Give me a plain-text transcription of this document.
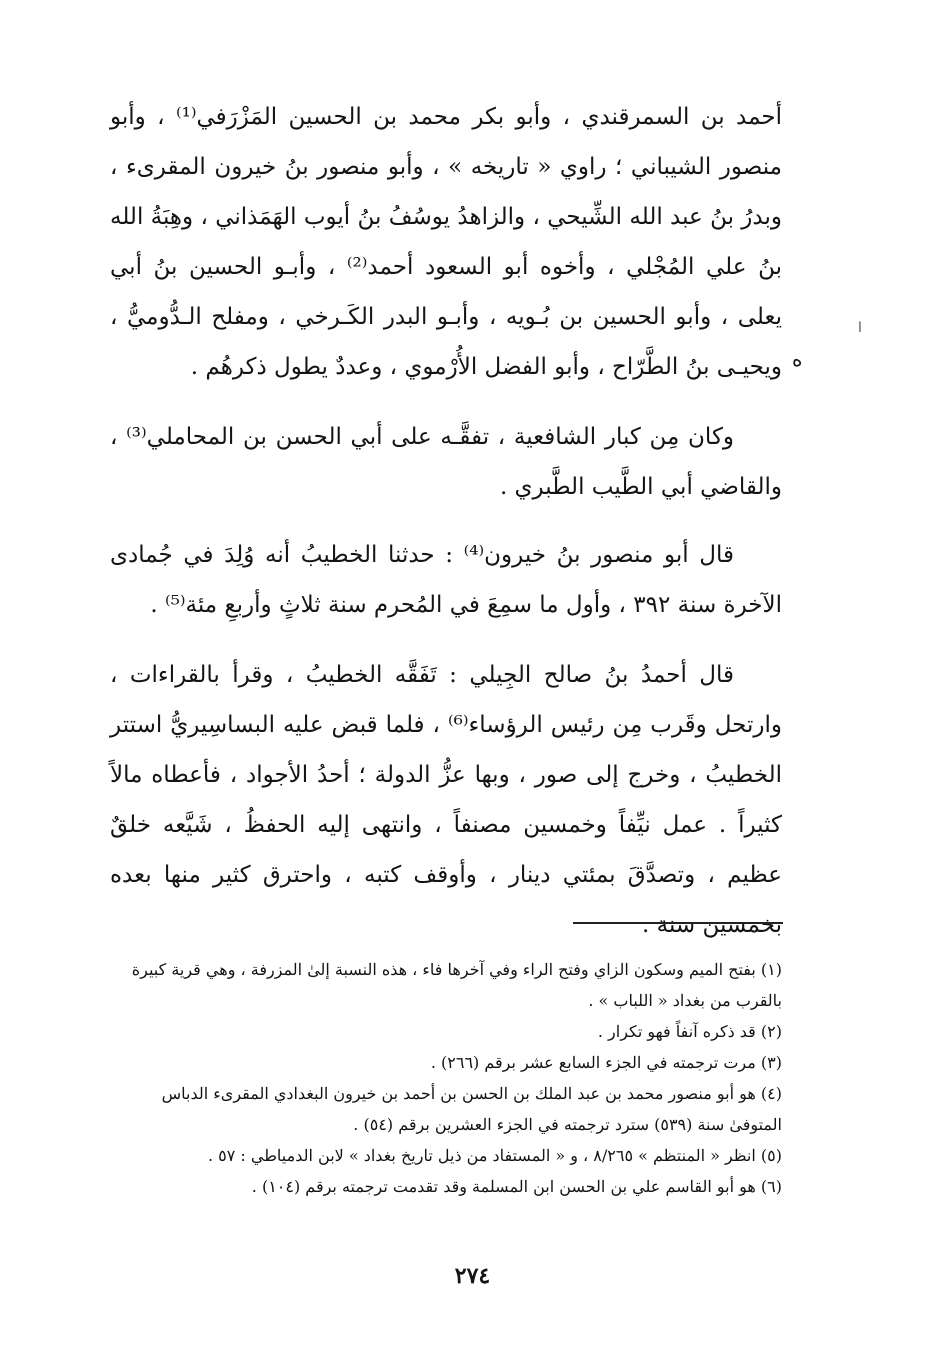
أحمد بن السمرقندي ، وأبو بكر محمد بن الحسين المَزْرَفي⁽¹⁾ ، وأبو منصور الشيباني ؛ راوي « تاريخه » ، وأبو منصور بنُ خيرون المقرىء ، وبدرُ بنُ عبد الله الشِّيحي ، والزاهدُ يوسُفُ بنُ أيوب الهَمَذاني ، وهِبَةُ الله بنُ علي المُجْلي ، وأخوه أبو السعود أحمد⁽²⁾ ، وأبـو الحسين بنُ أبي يعلى ، وأبو الحسين بن بُـويه ، وأبـو البدر الكَـرخي ، ومفلح الـدُّوميُّ ، ويحيـى بنُ الطَّرّاح ، وأبو الفضل الأُرْموي ، وعددٌ يطول ذكرهُم .
وكان مِن كبار الشافعية ، تفقَّـه على أبي الحسن بن المحاملي⁽³⁾ ، والقاضي أبي الطَّيب الطَّبري .
قال أبو منصور بنُ خيرون⁽⁴⁾ : حدثنا الخطيبُ أنه وُلِدَ في جُمادى الآخرة سنة ٣٩٢ ، وأول ما سمِعَ في المُحرم سنة ثلاثٍ وأربعِ مئة⁽⁵⁾ .
قال أحمدُ بنُ صالح الجِيلي : تَفَقَّه الخطيبُ ، وقرأ بالقراءات ، وارتحل وقَرب مِن رئيس الرؤساء⁽⁶⁾ ، فلما قبض عليه البساسِيريُّ استتر الخطيبُ ، وخرج إلى صور ، وبها عزُّ الدولة ؛ أحدُ الأجواد ، فأعطاه مالاً كثيراً . عمل نيِّفاً وخمسين مصنفاً ، وانتهى إليه الحفظُ ، شَيَّعه خلقٌ عظيم ، وتصدَّقَ بمئتي دينار ، وأوقف كتبه ، واحترق كثير منها بعده بخمسين سنة .
ا
ه

(١) بفتح الميم وسكون الزاي وفتح الراء وفي آخرها فاء ، هذه النسبة إلىٰ المزرفة ، وهي قرية كبيرة بالقرب من بغداد « اللباب » .

(٢) قد ذكره آنفاً فهو تكرار .

(٣) مرت ترجمته في الجزء السابع عشر برقم (٢٦٦) .

(٤) هو أبو منصور محمد بن عبد الملك بن الحسن بن أحمد بن خيرون البغدادي المقرىء الدباس المتوفىٰ سنة (٥٣٩) سترد ترجمته في الجزء العشرين برقم (٥٤) .

(٥) انظر « المنتظم » ٨/٢٦٥ ، و « المستفاد من ذيل تاريخ بغداد » لابن الدمياطي : ٥٧ .

(٦) هو أبو القاسم علي بن الحسن ابن المسلمة وقد تقدمت ترجمته برقم (١٠٤) .

٢٧٤
